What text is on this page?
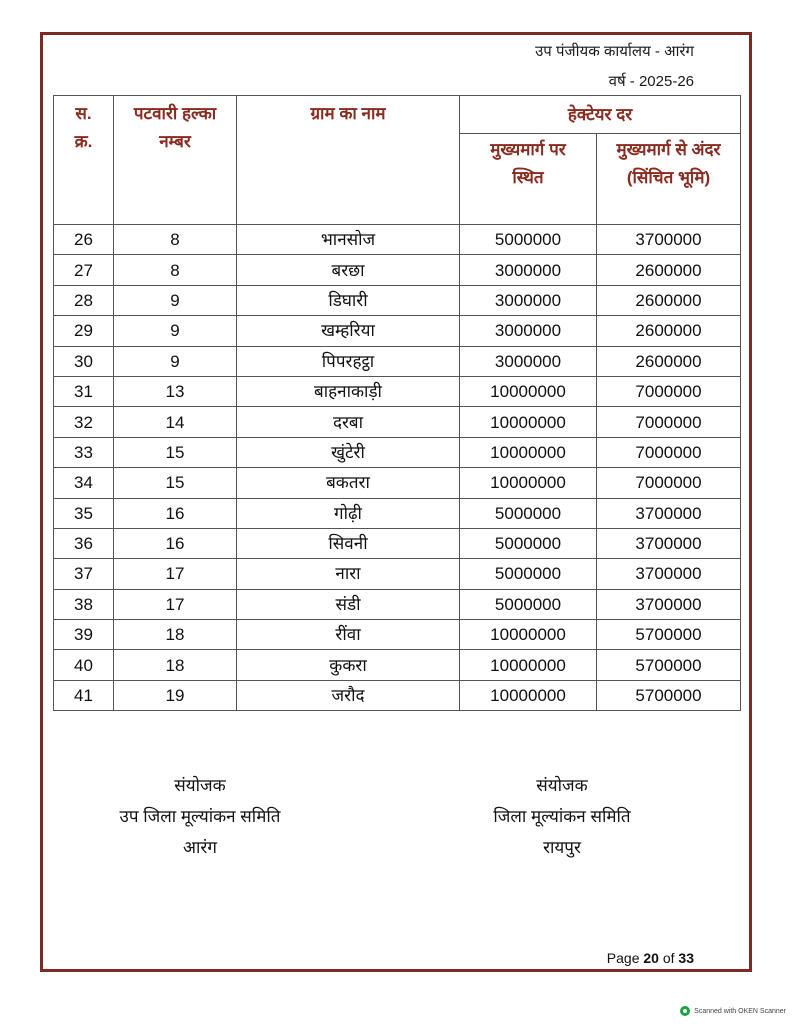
उप पंजीयक कार्यालय - आरंग
वर्ष - 2025-26
स. क्र.	पटवारी हल्का नम्बर	ग्राम का नाम	हेक्टेयर दर	

			मुख्यमार्ग पर स्थित	मुख्यमार्ग से अंदर (सिंचित भूमि)

26	8	भानसोज	5000000	3700000
27	8	बरछा	3000000	2600000
28	9	डिघारी	3000000	2600000
29	9	खम्हरिया	3000000	2600000
30	9	पिपरहट्ठा	3000000	2600000
31	13	बाहनाकाड़ी	10000000	7000000
32	14	दरबा	10000000	7000000
33	15	खुंटेरी	10000000	7000000
34	15	बकतरा	10000000	7000000
35	16	गोढ़ी	5000000	3700000
36	16	सिवनी	5000000	3700000
37	17	नारा	5000000	3700000
38	17	संडी	5000000	3700000
39	18	रींवा	10000000	5700000
40	18	कुकरा	10000000	5700000
41	19	जरौद	10000000	5700000
संयोजक
उप जिला मूल्यांकन समिति
आरंग
संयोजक
जिला मूल्यांकन समिति
रायपुर
Page 20 of 33
Scanned with OKEN Scanner
